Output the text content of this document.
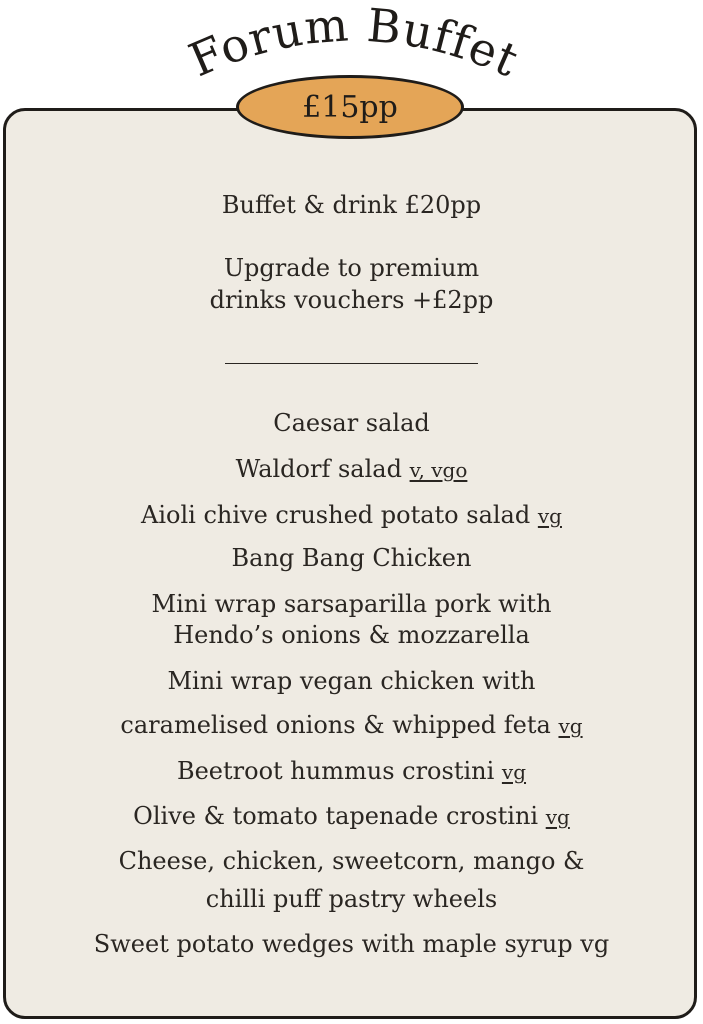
Forum Buffet
£15pp
Buffet & drink £20pp
Upgrade to premium
drinks vouchers +£2pp
Caesar salad
Waldorf salad v, vgo
Aioli chive crushed potato salad vg
Bang Bang Chicken
Mini wrap sarsaparilla pork with
Hendo’s onions & mozzarella
Mini wrap vegan chicken with
caramelised onions & whipped feta vg
Beetroot hummus crostini vg
Olive & tomato tapenade crostini vg
Cheese, chicken, sweetcorn, mango &
chilli puff pastry wheels
Sweet potato wedges with maple syrup vg
